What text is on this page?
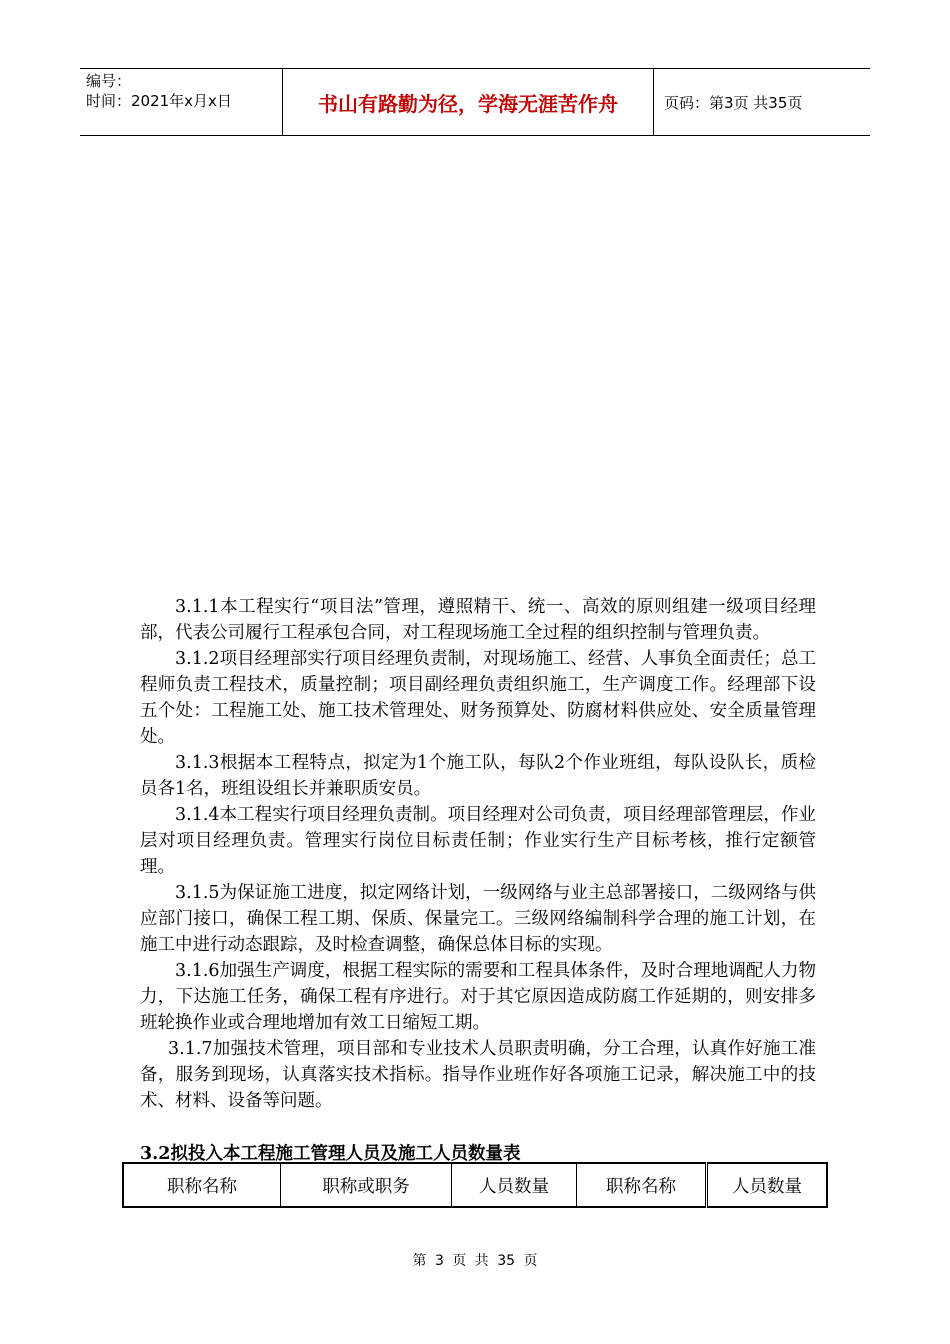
编号：
时间：2021年x月x日	书山有路勤为径，学海无涯苦作舟	页码：第3页 共35页

3.1.1本工程实行“项目法”管理，遵照精干、统一、高效的原则组建一级项目经理部，代表公司履行工程承包合同，对工程现场施工全过程的组织控制与管理负责。

3.1.2项目经理部实行项目经理负责制，对现场施工、经营、人事负全面责任；总工程师负责工程技术，质量控制；项目副经理负责组织施工，生产调度工作。经理部下设五个处：工程施工处、施工技术管理处、财务预算处、防腐材料供应处、安全质量管理处。

3.1.3根据本工程特点，拟定为1个施工队，每队2个作业班组，每队设队长，质检员各1名，班组设组长并兼职质安员。

3.1.4本工程实行项目经理负责制。项目经理对公司负责，项目经理部管理层，作业层对项目经理负责。管理实行岗位目标责任制；作业实行生产目标考核，推行定额管理。

3.1.5为保证施工进度，拟定网络计划，一级网络与业主总部署接口，二级网络与供应部门接口，确保工程工期、保质、保量完工。三级网络编制科学合理的施工计划，在施工中进行动态跟踪，及时检查调整，确保总体目标的实现。

3.1.6加强生产调度，根据工程实际的需要和工程具体条件，及时合理地调配人力物力，下达施工任务，确保工程有序进行。对于其它原因造成防腐工作延期的，则安排多班轮换作业或合理地增加有效工日缩短工期。

3.1.7加强技术管理，项目部和专业技术人员职责明确，分工合理，认真作好施工准备，服务到现场，认真落实技术指标。指导作业班作好各项施工记录，解决施工中的技术、材料、设备等问题。

3.2拟投入本工程施工管理人员及施工人员数量表
职称名称	职称或职务	人员数量	职称名称	人员数量
第 3 页 共 35 页
